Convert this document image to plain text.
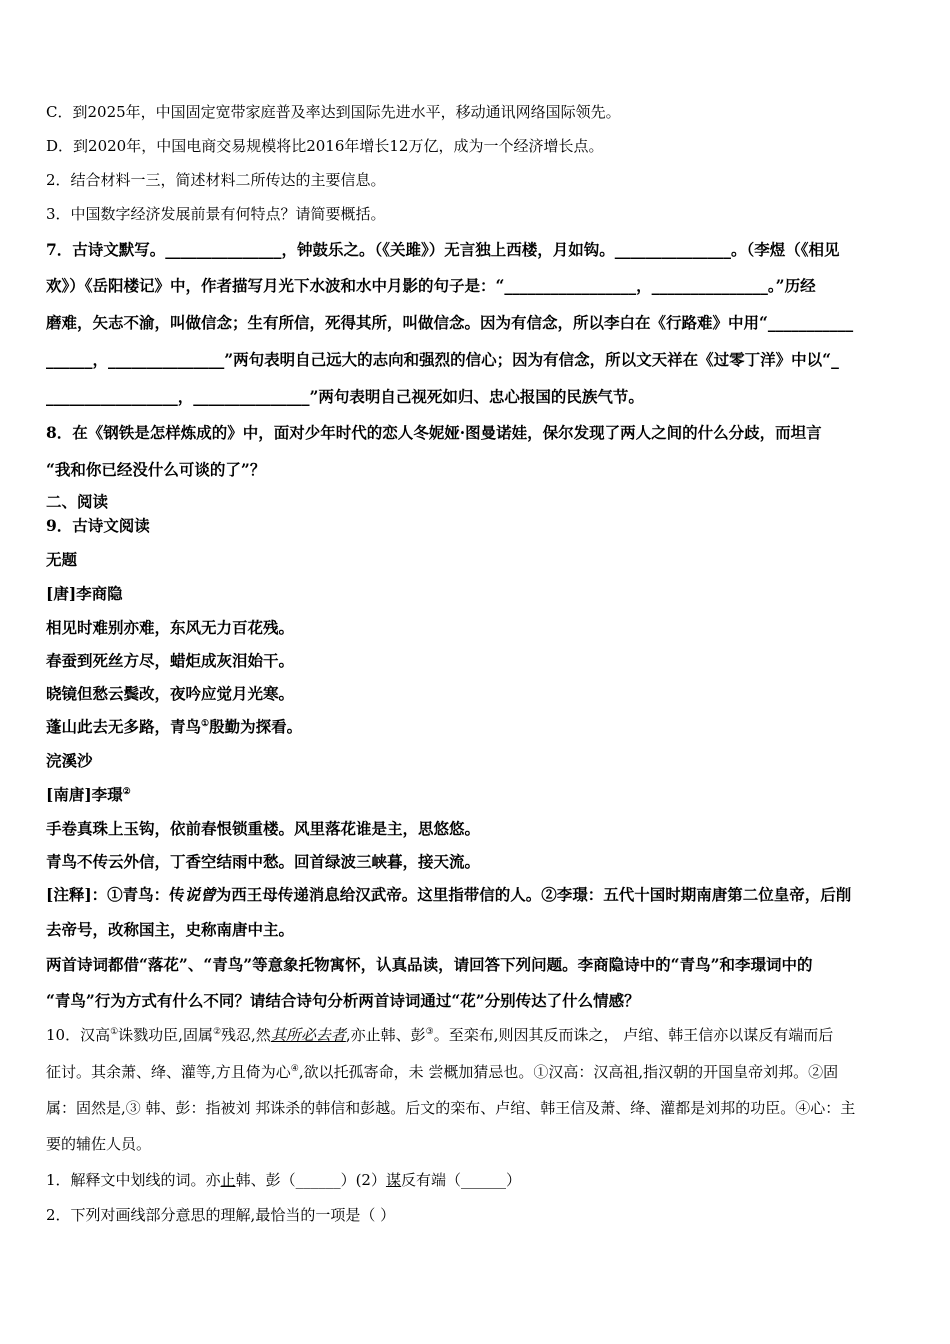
C．到2025年，中国固定宽带家庭普及率达到国际先进水平，移动通讯网络国际领先。
D．到2020年，中国电商交易规模将比2016年增长12万亿，成为一个经济增长点。
2．结合材料一三，简述材料二所传达的主要信息。
3．中国数字经济发展前景有何特点？请简要概括。
7．古诗文默写。_______________，钟鼓乐之。（《关雎》）无言独上西楼，月如钩。_______________。（李煜（《相见
欢》）《岳阳楼记》中，作者描写月光下水波和水中月影的句子是：“_________________，_______________。”历经
磨难，矢志不渝，叫做信念；生有所信，死得其所，叫做信念。因为有信念，所以李白在《行路难》中用“___________
______，_______________”两句表明自己远大的志向和强烈的信心；因为有信念，所以文天祥在《过零丁洋》中以“_
_________________，_______________”两句表明自己视死如归、忠心报国的民族气节。
8．在《钢铁是怎样炼成的》中，面对少年时代的恋人冬妮娅·图曼诺娃，保尔发现了两人之间的什么分歧，而坦言
“我和你已经没什么可谈的了”？
二、阅读
9．古诗文阅读
无题
[唐]李商隐
相见时难别亦难，东风无力百花残。
春蚕到死丝方尽，蜡炬成灰泪始干。
晓镜但愁云鬓改，夜吟应觉月光寒。
蓬山此去无多路，青鸟①殷勤为探看。
浣溪沙
[南唐]李璟②
手卷真珠上玉钩，依前春恨锁重楼。风里落花谁是主，思悠悠。
青鸟不传云外信，丁香空结雨中愁。回首绿波三峡暮，接天流。
[注释]：①青鸟：传说曾为西王母传递消息给汉武帝。这里指带信的人。②李璟：五代十国时期南唐第二位皇帝，后削
去帝号，改称国主，史称南唐中主。
两首诗词都借“落花”、“青鸟”等意象托物寓怀，认真品读，请回答下列问题。李商隐诗中的“青鸟”和李璟词中的
“青鸟”行为方式有什么不同？请结合诗句分析两首诗词通过“花”分别传达了什么情感？
10．汉高①诛戮功臣,固属②残忍,然其所必去者,亦止韩、彭③。至栾布,则因其反而诛之， 卢绾、韩王信亦以谋反有端而后
征讨。其余萧、绛、灌等,方且倚为心④,欲以托孤寄命，未 尝概加猜忌也。①汉高：汉高祖,指汉朝的开国皇帝刘邦。②固
属：固然是,③ 韩、彭：指被刘 邦诛杀的韩信和彭越。后文的栾布、卢绾、韩王信及萧、绛、灌都是刘邦的功臣。④心：主
要的辅佐人员。
1．解释文中划线的词。亦止韩、彭（______）(2）谋反有端（______）
2．下列对画线部分意思的理解,最恰当的一项是（ ）
